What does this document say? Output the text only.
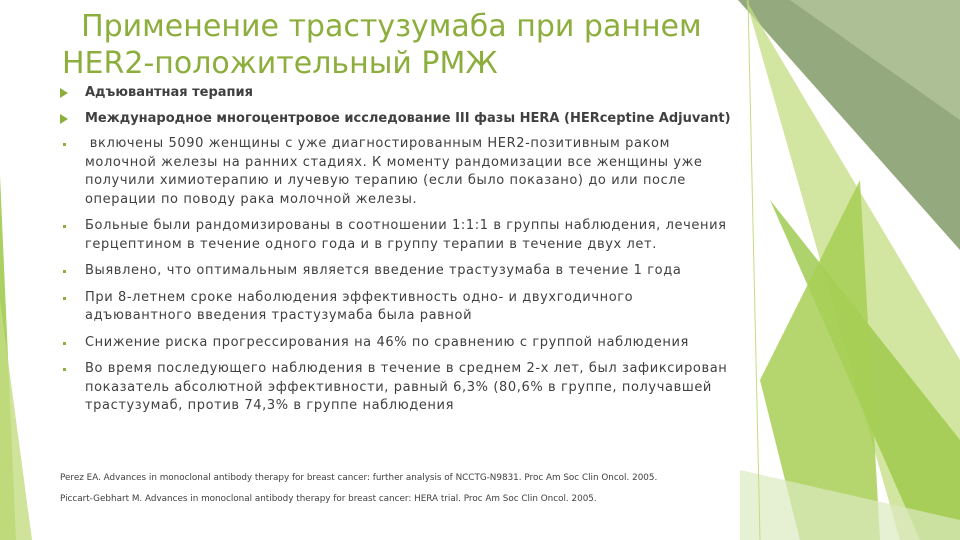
Применение трастузумаба при раннем HER2-положительный РМЖ
Адъювантная терапия
Международное многоцентровое исследование III фазы HERA (HERceptine Adjuvant)
включены 5090 женщины с уже диагностированным HER2-позитивным раком молочной железы на ранних стадиях. К моменту рандомизации все женщины уже получили химиотерапию и лучевую терапию (если было показано) до или после операции по поводу рака молочной железы.
Больные были рандомизированы в соотношении 1:1:1 в группы наблюдения, лечения герцептином в течение одного года и в группу терапии в течение двух лет.
Выявлено, что оптимальным является введение трастузумаба в течение 1 года
При 8-летнем сроке наболюдения эффективность одно- и двухгодичного адъювантного введения трастузумаба была равной
Снижение риска прогрессирования на 46% по сравнению с группой наблюдения
Во время последующего наблюдения в течение в среднем 2-х лет, был зафиксирован показатель абсолютной эффективности, равный 6,3% (80,6% в группе, получавшей трастузумаб, против 74,3% в группе наблюдения

Perez EA. Advances in monoclonal antibody therapy for breast cancer: further analysis of NCCTG-N9831. Proc Am Soc Clin Oncol. 2005.

Piccart-Gebhart M. Advances in monoclonal antibody therapy for breast cancer: HERA trial. Proc Am Soc Clin Oncol. 2005.
